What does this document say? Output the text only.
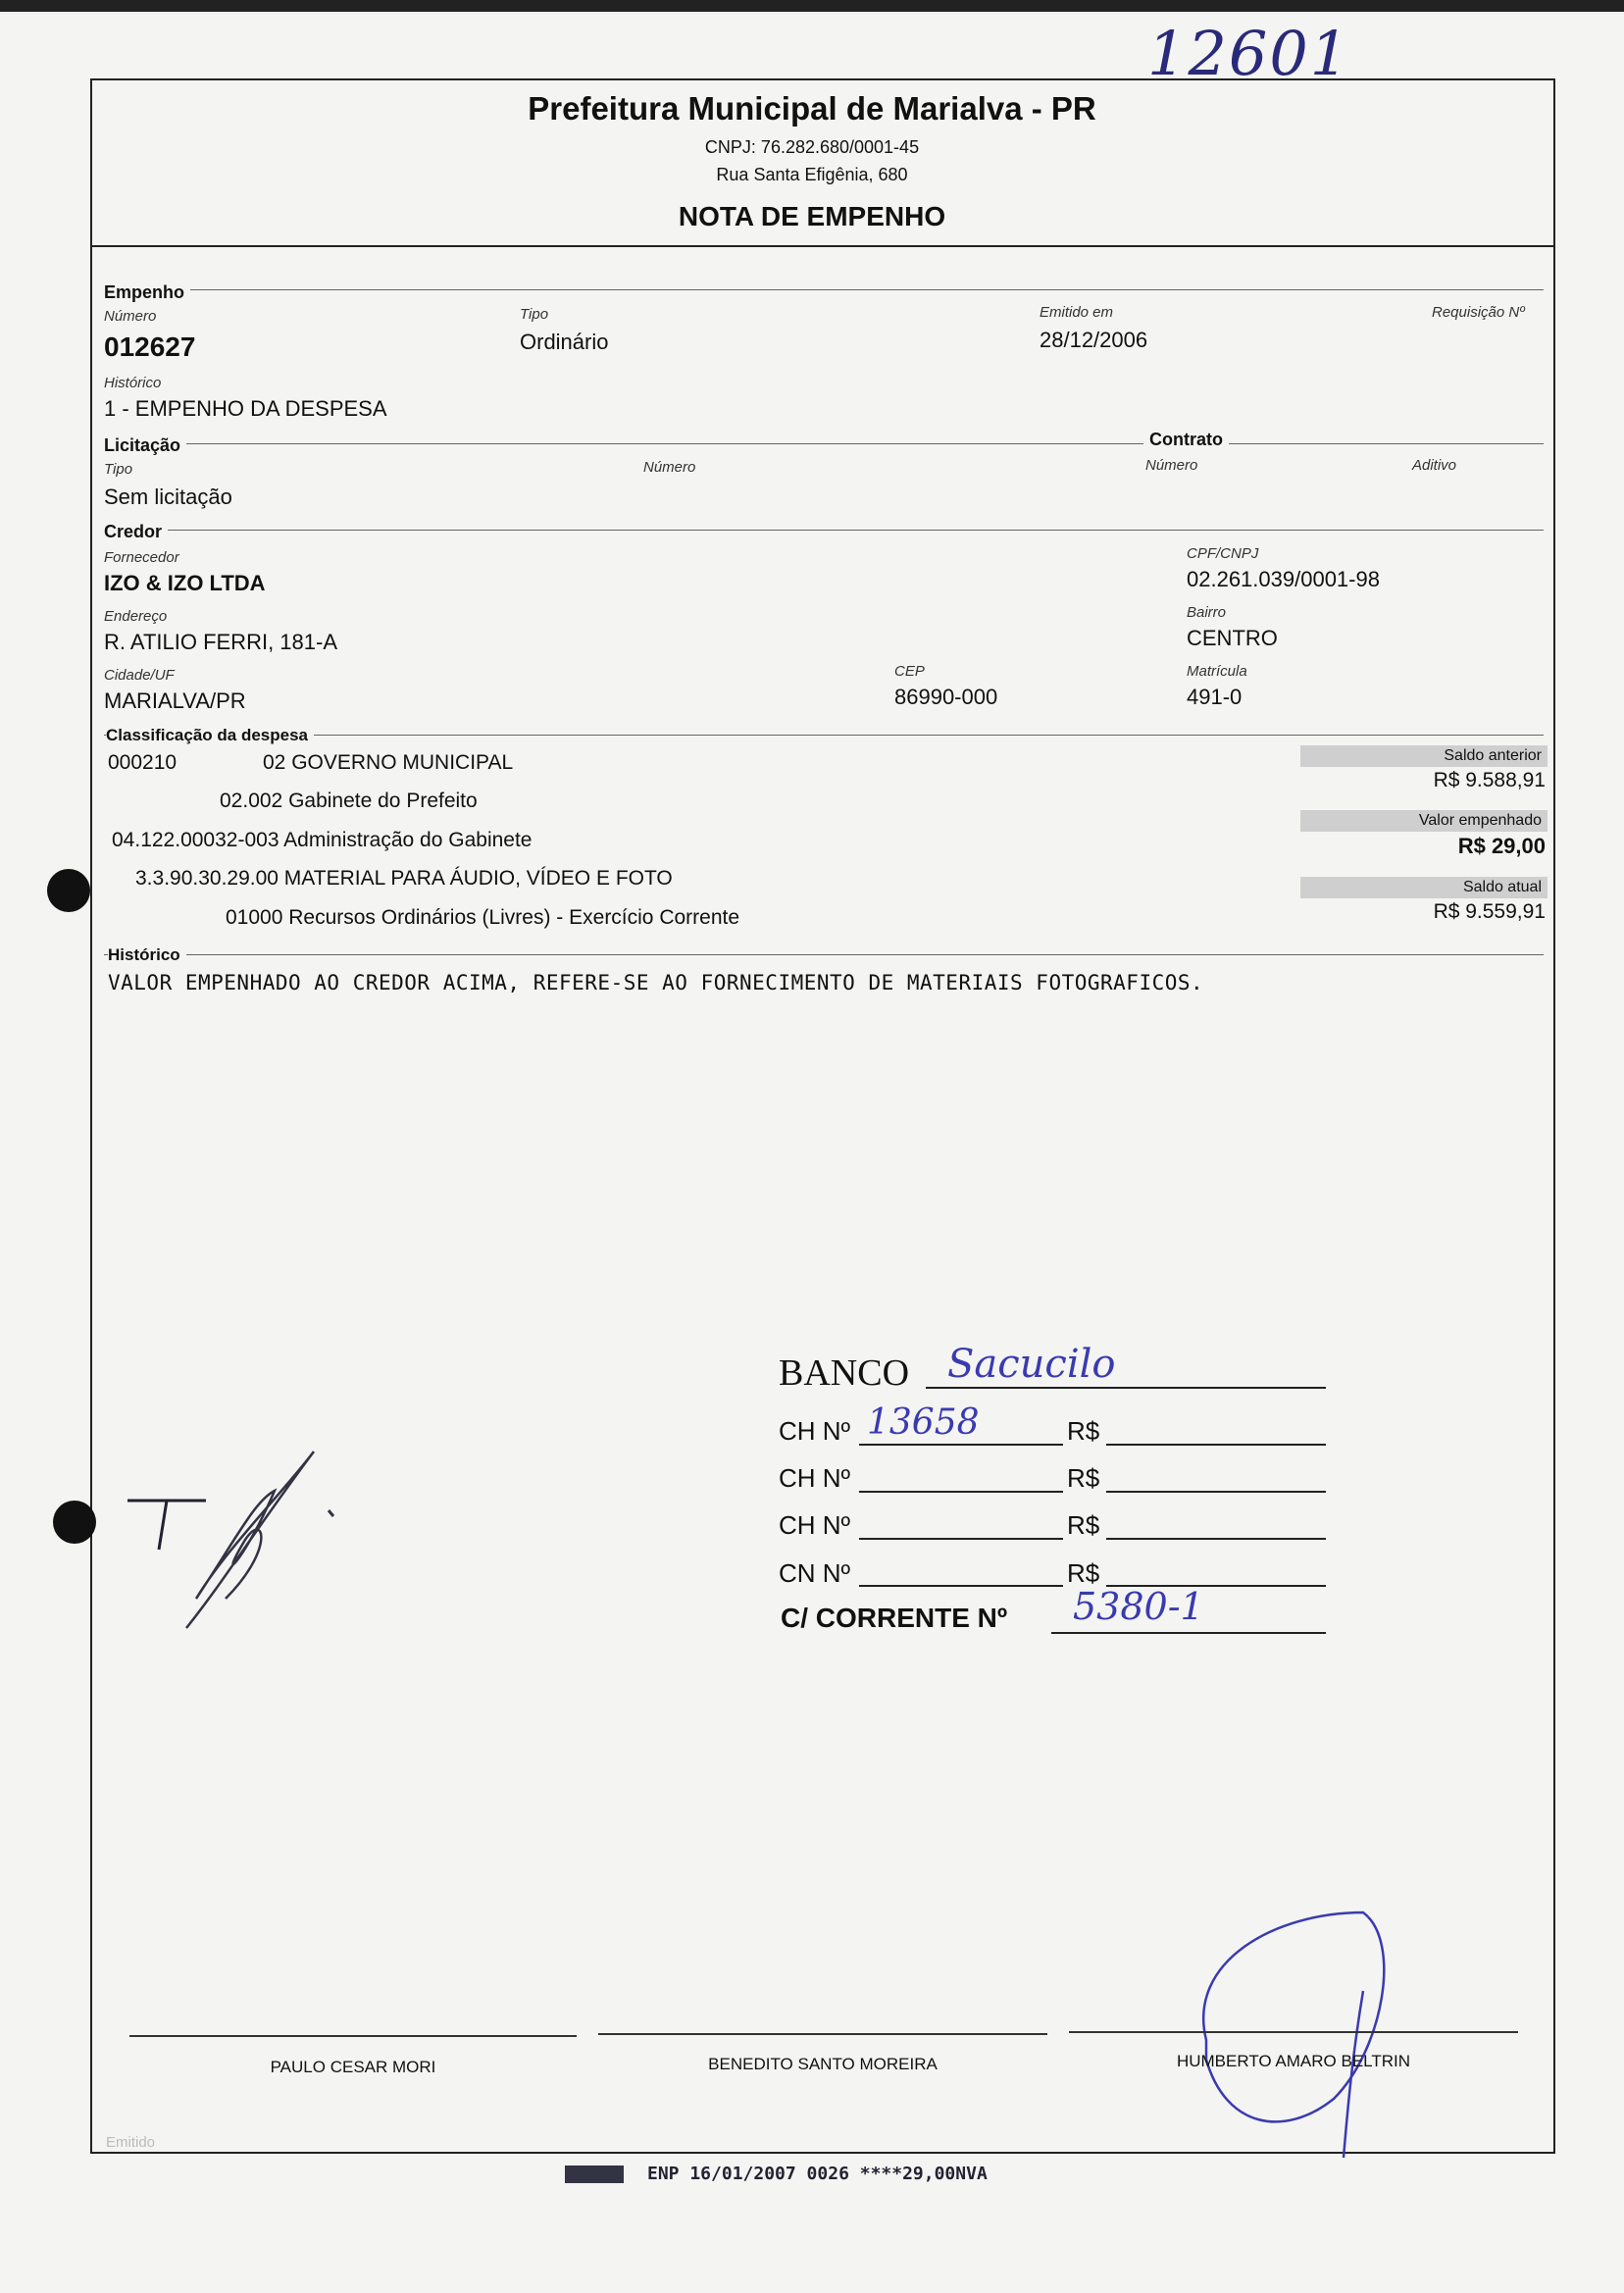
12601
Prefeitura Municipal de Marialva - PR
CNPJ: 76.282.680/0001-45
Rua Santa Efigênia, 680
NOTA DE EMPENHO
Empenho
Número
012627
Tipo
Ordinário
Emitido em
28/12/2006
Requisição Nº
Histórico
1 - EMPENHO DA DESPESA
Licitação	Contrato
Tipo
Sem licitação
Número	Número	Aditivo
Credor
Fornecedor
IZO & IZO LTDA
CPF/CNPJ
02.261.039/0001-98
Endereço
R. ATILIO FERRI, 181-A
Bairro
CENTRO
Cidade/UF
MARIALVA/PR
CEP
86990-000
Matrícula
491-0
Classificação da despesa
000210	02 GOVERNO MUNICIPAL
02.002 Gabinete do Prefeito
04.122.00032-003 Administração do Gabinete
3.3.90.30.29.00 MATERIAL PARA ÁUDIO, VÍDEO E FOTO
01000 Recursos Ordinários (Livres) - Exercício Corrente
Saldo anterior
R$ 9.588,91
Valor empenhado
R$ 29,00
Saldo atual
R$ 9.559,91
Histórico
VALOR EMPENHADO AO CREDOR ACIMA, REFERE-SE AO FORNECIMENTO DE MATERIAIS FOTOGRAFICOS.
BANCO Sacucilo
CH Nº 13658	R$
CH Nº	R$
CH Nº	R$
CN Nº	R$
C/ CORRENTE Nº 5380-1
PAULO CESAR MORI	BENEDITO SANTO MOREIRA	HUMBERTO AMARO BELTRIN
Emitido
ENP 16/01/2007 0026 ****29,00NVA
